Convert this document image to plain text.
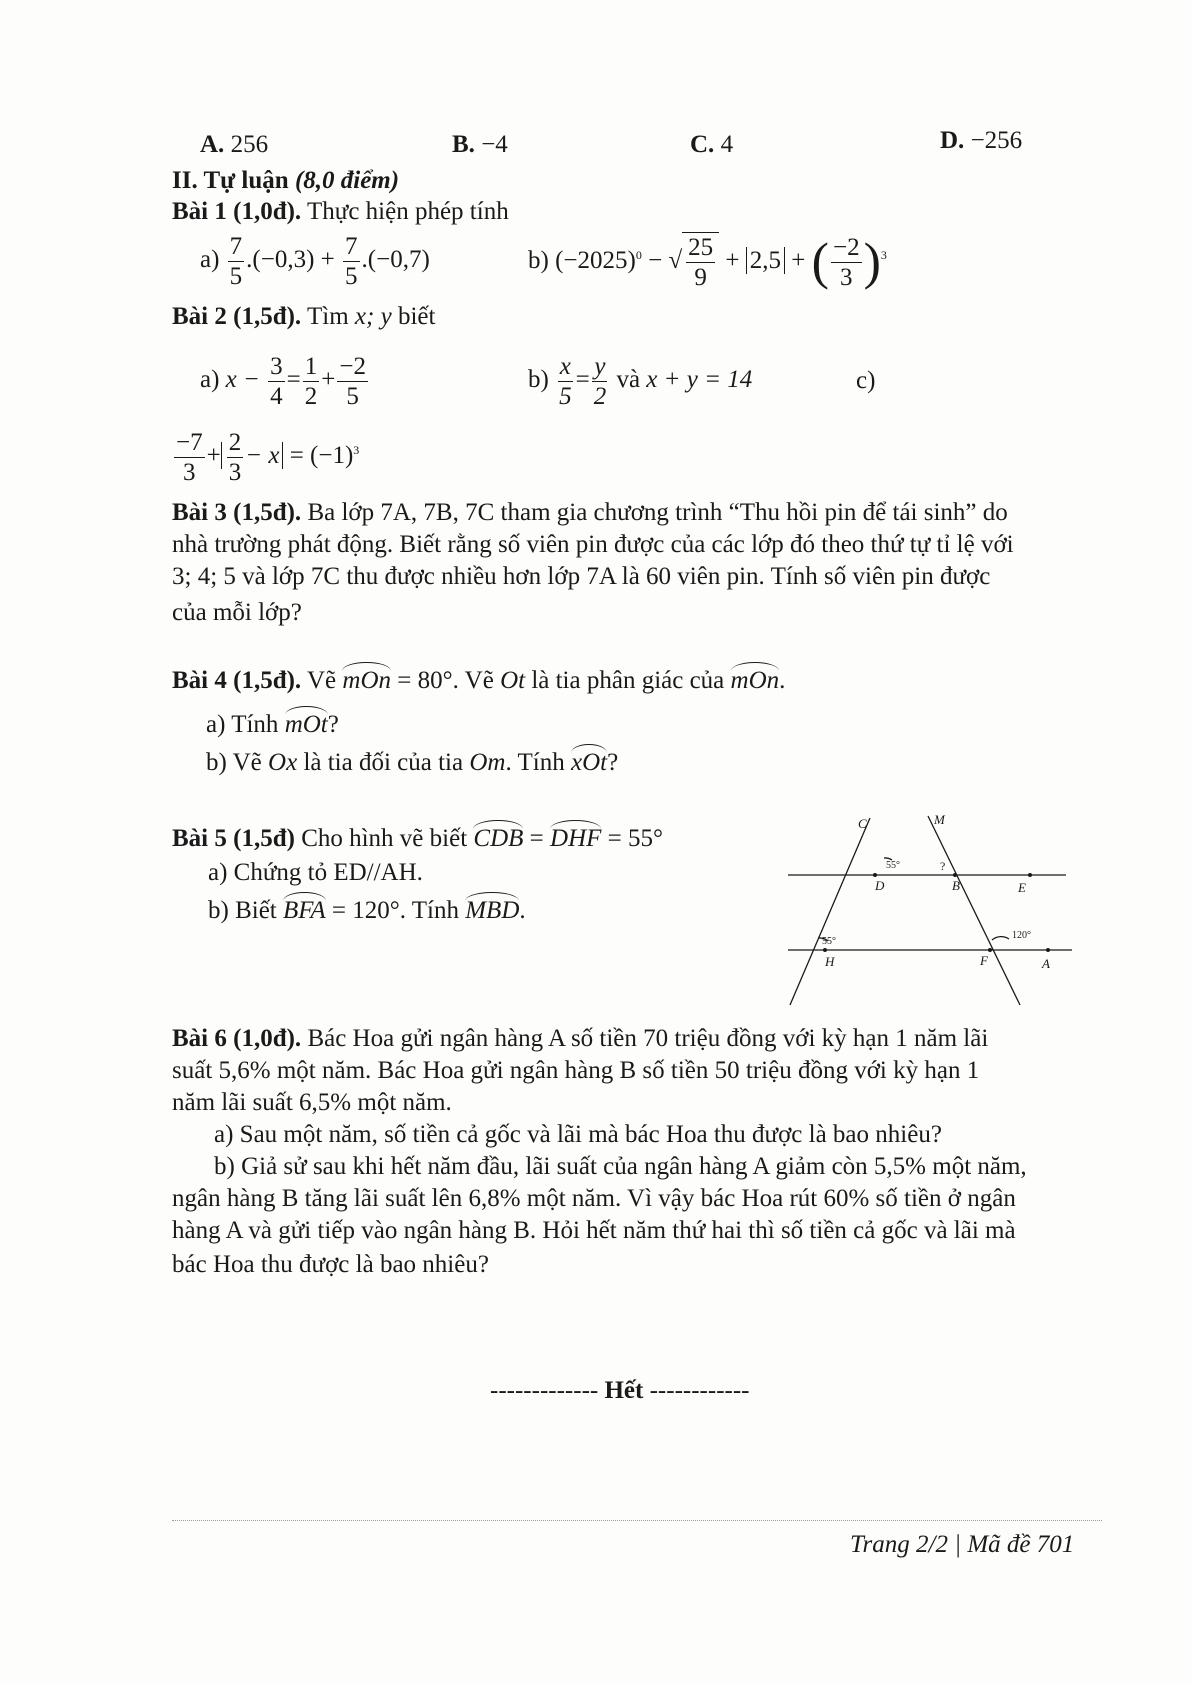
A. 256	B. −4	C. 4	D. −256
II. Tự luận (8,0 điểm)
Bài 1 (1,0đ). Thực hiện phép tính
$a) \frac{7}{5} .(-0,3) + \frac{7}{5} .(-0,7)$	b) $(-2025)^0$ − √ $\frac{25}{9} + 2,5$ + ( $\frac{-2}{3} )^3$
Bài 2 (1,5đ). Tìm x; y biết
a) $x - \frac{3}{4} = \frac{1}{2} + \frac{-2}{5}$	$b) \frac{x}{5} = \frac{y}{2}$ và x + y = 14	c)
$\frac{-7}{3} + \frac{2}{3} - x = (-1)^3$
Bài 3 (1,5đ). Ba lớp 7A, 7B, 7C tham gia chương trình “Thu hồi pin để tái sinh” do
nhà trường phát động. Biết rằng số viên pin được của các lớp đó theo thứ tự tỉ lệ với
3; 4; 5 và lớp 7C thu được nhiều hơn lớp 7A là 60 viên pin. Tính số viên pin được
của mỗi lớp?
Bài 4 (1,5đ). Vẽ mOn = 80°. Vẽ Ot là tia phân giác của mOn.
a) Tính mOt?
b) Vẽ Ox là tia đối của tia Om. Tính xOt?
Bài 5 (1,5đ) Cho hình vẽ biết CDB = DHF = 55°
a) Chứng tỏ ED//AH.
b) Biết BFA = 120°. Tính MBD.
C	M
D	B	E
H	F	A
55°	?
55°
120°
Bài 6 (1,0đ). Bác Hoa gửi ngân hàng A số tiền 70 triệu đồng với kỳ hạn 1 năm lãi
suất 5,6% một năm. Bác Hoa gửi ngân hàng B số tiền 50 triệu đồng với kỳ hạn 1
năm lãi suất 6,5% một năm.
a) Sau một năm, số tiền cả gốc và lãi mà bác Hoa thu được là bao nhiêu?
b) Giả sử sau khi hết năm đầu, lãi suất của ngân hàng A giảm còn 5,5% một năm,
ngân hàng B tăng lãi suất lên 6,8% một năm. Vì vậy bác Hoa rút 60% số tiền ở ngân
hàng A và gửi tiếp vào ngân hàng B. Hỏi hết năm thứ hai thì số tiền cả gốc và lãi mà
bác Hoa thu được là bao nhiêu?
------------- Hết ------------
Trang 2/2 | Mã đề 701
